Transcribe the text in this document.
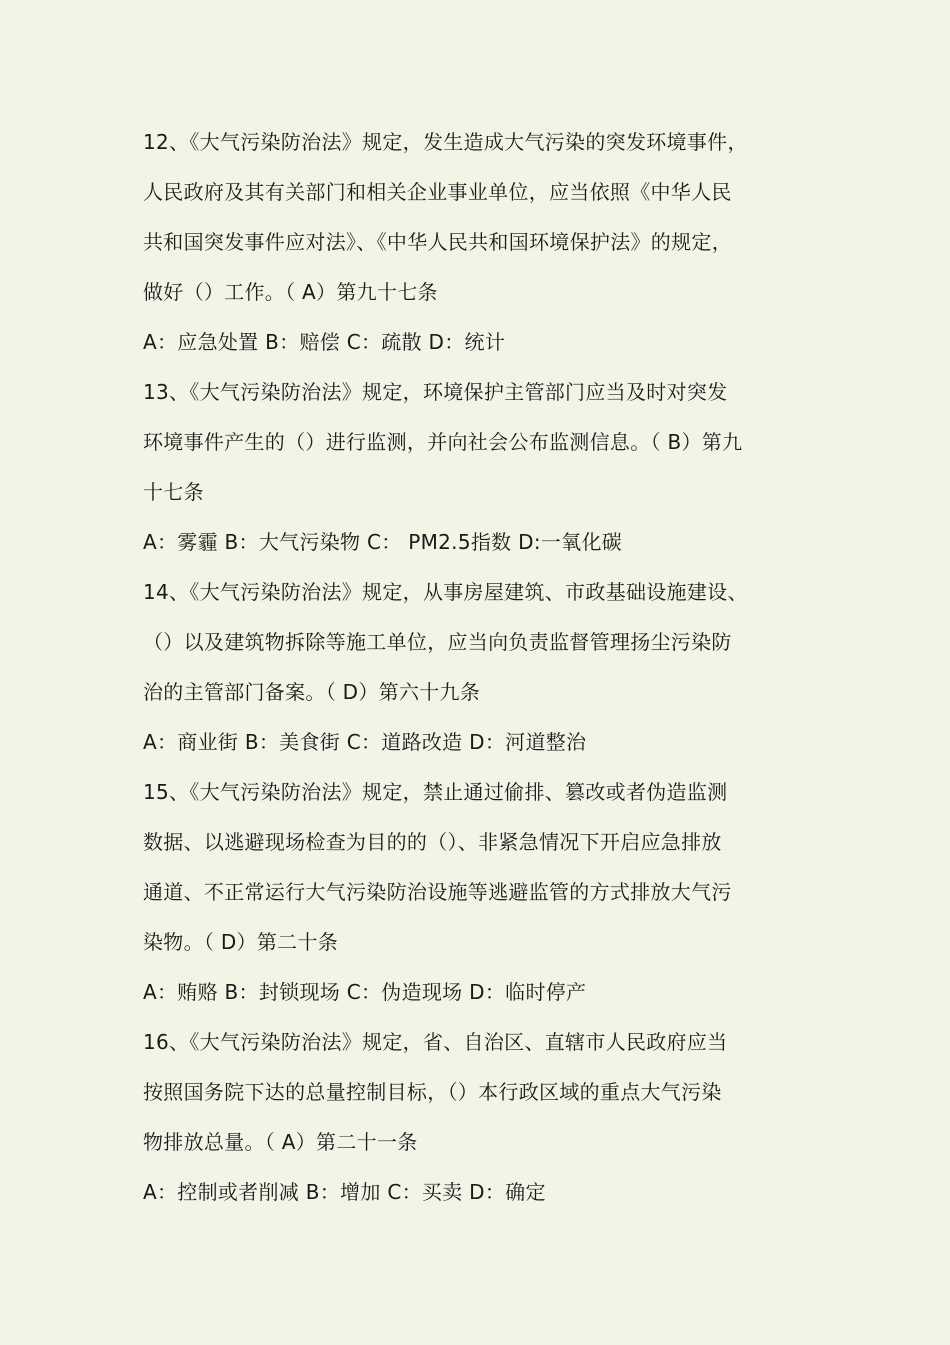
12、《大气污染防治法》规定，发生造成大气污染的突发环境事件，
人民政府及其有关部门和相关企业事业单位，应当依照《中华人民
共和国突发事件应对法》、《中华人民共和国环境保护法》的规定，
做好（）工作。（ A）第九十七条
A：应急处置 B：赔偿 C：疏散 D：统计
13、《大气污染防治法》规定，环境保护主管部门应当及时对突发
环境事件产生的（）进行监测，并向社会公布监测信息。（ B）第九
十七条
A：雾霾 B：大气污染物 C： PM2.5指数 D:一氧化碳
14、《大气污染防治法》规定，从事房屋建筑、市政基础设施建设、
（）以及建筑物拆除等施工单位，应当向负责监督管理扬尘污染防
治的主管部门备案。（ D）第六十九条
A：商业街 B：美食街 C：道路改造 D：河道整治
15、《大气污染防治法》规定，禁止通过偷排、篡改或者伪造监测
数据、以逃避现场检查为目的的（）、非紧急情况下开启应急排放
通道、不正常运行大气污染防治设施等逃避监管的方式排放大气污
染物。（ D）第二十条
A：贿赂 B：封锁现场 C：伪造现场 D：临时停产
16、《大气污染防治法》规定，省、自治区、直辖市人民政府应当
按照国务院下达的总量控制目标，（）本行政区域的重点大气污染
物排放总量。（ A）第二十一条
A：控制或者削减 B：增加 C：买卖 D：确定
